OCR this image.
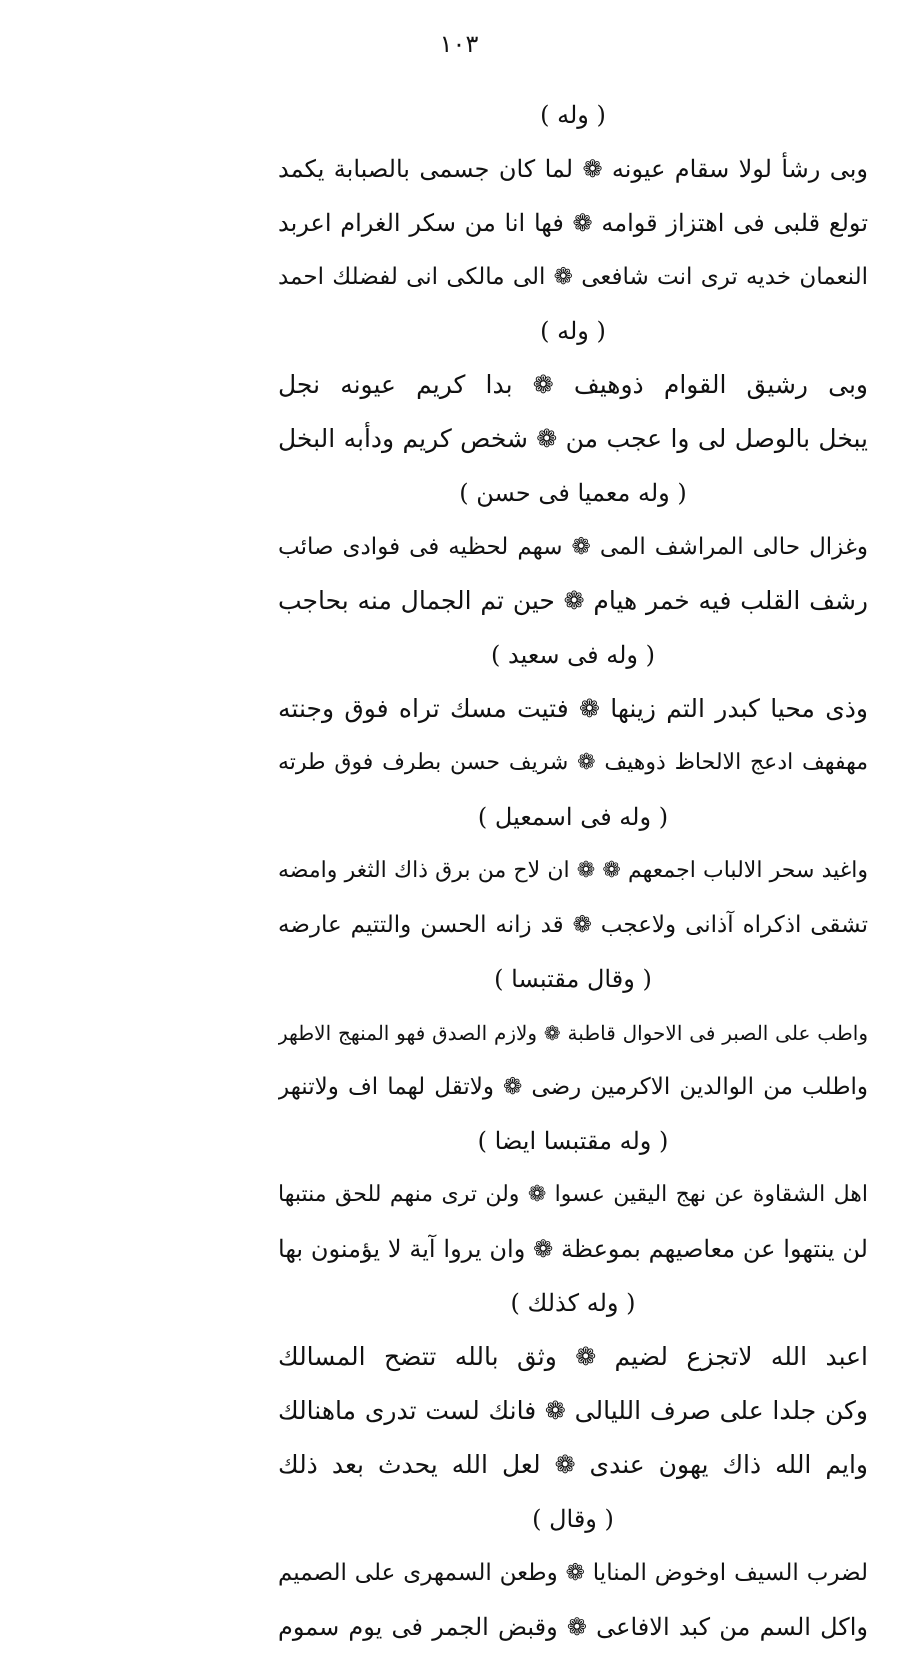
١٠٣
( وله )
وبى رشأ لولا سقام عيونه ❁ لما كان جسمى بالصبابة يكمد
تولع قلبى فى اهتزاز قوامه ❁ فها انا من سكر الغرام اعربد
النعمان خديه ترى انت شافعى ❁ الى مالكى انى لفضلك احمد
( وله )
وبى رشيق القوام ذوهيف ❁ بدا كريم عيونه نجل
يبخل بالوصل لى وا عجب من ❁ شخص كريم ودأبه البخل
( وله معميا فى حسن )
وغزال حالى المراشف المى ❁ سهم لحظيه فى فوادى صائب
رشف القلب فيه خمر هيام ❁ حين تم الجمال منه بحاجب
( وله فى سعيد )
وذى محيا كبدر التم زينها ❁ فتيت مسك تراه فوق وجنته
مهفهف ادعج الالحاظ ذوهيف ❁ شريف حسن بطرف فوق طرته
( وله فى اسمعيل )
واغيد سحر الالباب اجمعهم ❁ ❁ ان لاح من برق ذاك الثغر وامضه
تشقى اذكراه آذانى ولاعجب ❁ قد زانه الحسن والتتيم عارضه
( وقال مقتبسا )
واطب على الصبر فى الاحوال قاطبة ❁ ولازم الصدق فهو المنهج الاطهر
واطلب من الوالدين الاكرمين رضى ❁ ولاتقل لهما اف ولاتنهر
( وله مقتبسا ايضا )
اهل الشقاوة عن نهج اليقين عسوا ❁ ولن ترى منهم للحق منتبها
لن ينتهوا عن معاصيهم بموعظة ❁ وان يروا آية لا يؤمنون بها
( وله كذلك )
اعبد الله لاتجزع لضيم ❁ وثق بالله تتضح المسالك
وكن جلدا على صرف الليالى ❁ فانك لست تدرى ماهنالك
وايم الله ذاك يهون عندى ❁ لعل الله يحدث بعد ذلك
( وقال )
لضرب السيف اوخوض المنايا ❁ وطعن السمهرى على الصميم
واكل السم من كبد الافاعى ❁ وقبض الجمر فى يوم سموم
